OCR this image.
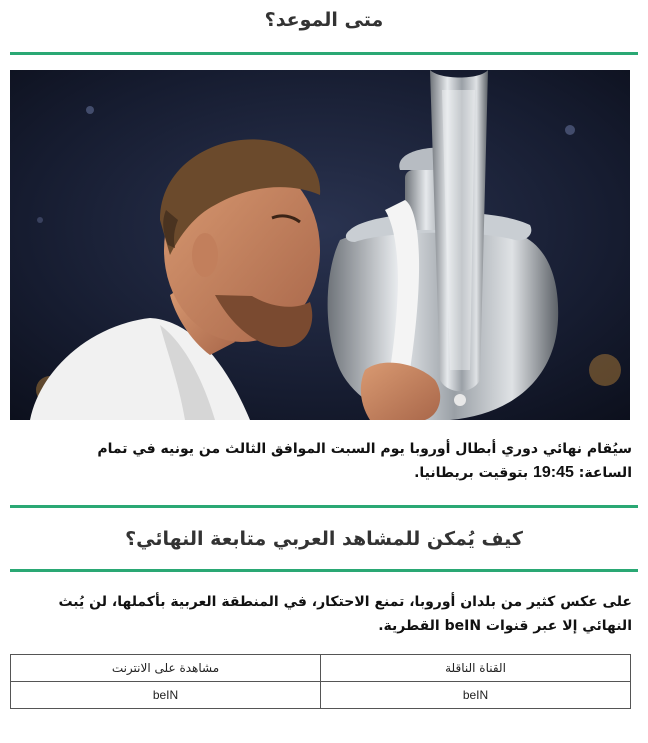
متى الموعد؟
سيُقام نهائي دوري أبطال أوروبا يوم السبت الموافق الثالث من يونيه في تمام الساعة: 19:45 بتوقيت بريطانيا.
كيف يُمكن للمشاهد العربي متابعة النهائي؟
على عكس كثير من بلدان أوروبا، تمنع الاحتكار، في المنطقة العربية بأكملها، لن يُبث النهائي إلا عبر قنوات beIN القطرية.
القناة الناقلة	مشاهدة على الانترنت
beIN	beIN
